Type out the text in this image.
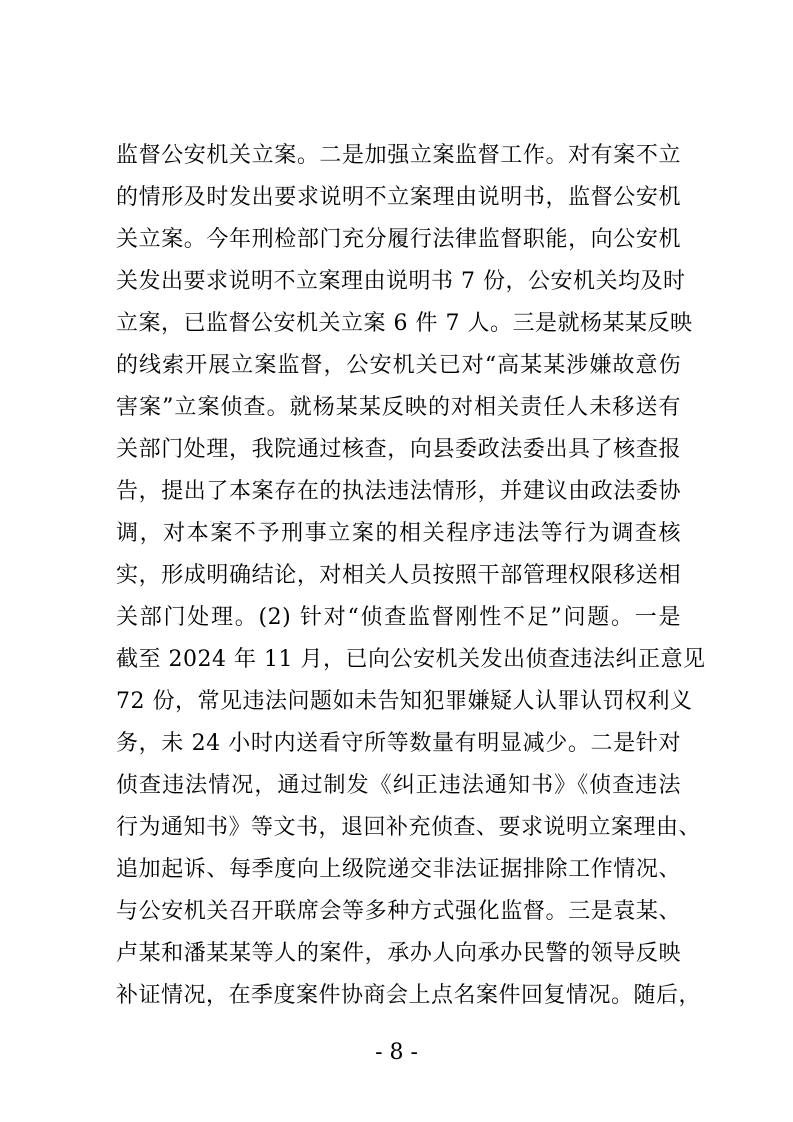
监督公安机关立案。二是加强立案监督工作。对有案不立
的情形及时发出要求说明不立案理由说明书，监督公安机
关立案。今年刑检部门充分履行法律监督职能，向公安机
关发出要求说明不立案理由说明书 7 份，公安机关均及时
立案，已监督公安机关立案 6 件 7 人。三是就杨某某反映
的线索开展立案监督，公安机关已对“高某某涉嫌故意伤
害案”立案侦查。就杨某某反映的对相关责任人未移送有
关部门处理，我院通过核查，向县委政法委出具了核查报
告，提出了本案存在的执法违法情形，并建议由政法委协
调，对本案不予刑事立案的相关程序违法等行为调查核
实，形成明确结论，对相关人员按照干部管理权限移送相
关部门处理。(2) 针对“侦查监督刚性不足”问题。一是
截至 2024 年 11 月，已向公安机关发出侦查违法纠正意见
72 份，常见违法问题如未告知犯罪嫌疑人认罪认罚权利义
务，未 24 小时内送看守所等数量有明显减少。二是针对
侦查违法情况，通过制发《纠正违法通知书》《侦查违法
行为通知书》等文书，退回补充侦查、要求说明立案理由、
追加起诉、每季度向上级院递交非法证据排除工作情况、
与公安机关召开联席会等多种方式强化监督。三是袁某、
卢某和潘某某等人的案件，承办人向承办民警的领导反映
补证情况，在季度案件协商会上点名案件回复情况。随后，
- 8 -
